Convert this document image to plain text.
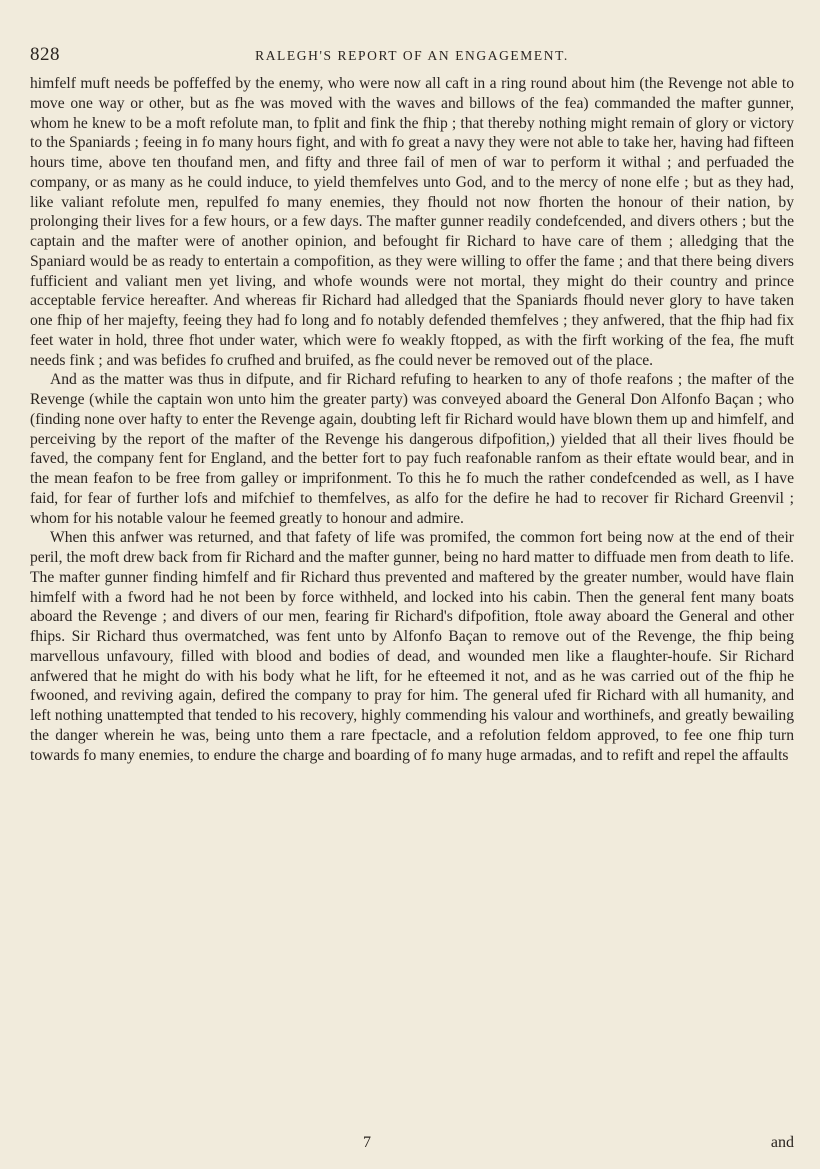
828	RALEGH'S REPORT OF AN ENGAGEMENT.

himfelf muft needs be poffeffed by the enemy, who were now all caft in a ring round about him (the Revenge not able to move one way or other, but as fhe was moved with the waves and billows of the fea) commanded the mafter gunner, whom he knew to be a moft refolute man, to fplit and fink the fhip ; that thereby nothing might remain of glory or victory to the Spaniards ; feeing in fo many hours fight, and with fo great a navy they were not able to take her, having had fifteen hours time, above ten thoufand men, and fifty and three fail of men of war to perform it withal ; and perfuaded the company, or as many as he could induce, to yield themfelves unto God, and to the mercy of none elfe ; but as they had, like valiant refolute men, repulfed fo many enemies, they fhould not now fhorten the honour of their nation, by prolonging their lives for a few hours, or a few days. The mafter gunner readily condefcended, and divers others ; but the captain and the mafter were of another opinion, and befought fir Richard to have care of them ; alledging that the Spaniard would be as ready to entertain a compofition, as they were willing to offer the fame ; and that there being divers fufficient and valiant men yet living, and whofe wounds were not mortal, they might do their country and prince acceptable fervice hereafter. And whereas fir Richard had alledged that the Spaniards fhould never glory to have taken one fhip of her majefty, feeing they had fo long and fo notably defended themfelves ; they anfwered, that the fhip had fix feet water in hold, three fhot under water, which were fo weakly ftopped, as with the firft working of the fea, fhe muft needs fink ; and was befides fo crufhed and bruifed, as fhe could never be removed out of the place.

And as the matter was thus in difpute, and fir Richard refufing to hearken to any of thofe reafons ; the mafter of the Revenge (while the captain won unto him the greater party) was conveyed aboard the General Don Alfonfo Baçan ; who (finding none over hafty to enter the Revenge again, doubting left fir Richard would have blown them up and himfelf, and perceiving by the report of the mafter of the Revenge his dangerous difpofition,) yielded that all their lives fhould be faved, the company fent for England, and the better fort to pay fuch reafonable ranfom as their eftate would bear, and in the mean feafon to be free from galley or imprifonment. To this he fo much the rather condefcended as well, as I have faid, for fear of further lofs and mifchief to themfelves, as alfo for the defire he had to recover fir Richard Greenvil ; whom for his notable valour he feemed greatly to honour and admire.

When this anfwer was returned, and that fafety of life was promifed, the common fort being now at the end of their peril, the moft drew back from fir Richard and the mafter gunner, being no hard matter to diffuade men from death to life. The mafter gunner finding himfelf and fir Richard thus prevented and maftered by the greater number, would have flain himfelf with a fword had he not been by force withheld, and locked into his cabin. Then the general fent many boats aboard the Revenge ; and divers of our men, fearing fir Richard's difpofition, ftole away aboard the General and other fhips. Sir Richard thus overmatched, was fent unto by Alfonfo Baçan to remove out of the Revenge, the fhip being marvellous unfavoury, filled with blood and bodies of dead, and wounded men like a flaughter-houfe. Sir Richard anfwered that he might do with his body what he lift, for he efteemed it not, and as he was carried out of the fhip he fwooned, and reviving again, defired the company to pray for him. The general ufed fir Richard with all humanity, and left nothing unattempted that tended to his recovery, highly commending his valour and worthinefs, and greatly bewailing the danger wherein he was, being unto them a rare fpectacle, and a refolution feldom approved, to fee one fhip turn towards fo many enemies, to endure the charge and boarding of fo many huge armadas, and to refift and repel the affaults

7	and
